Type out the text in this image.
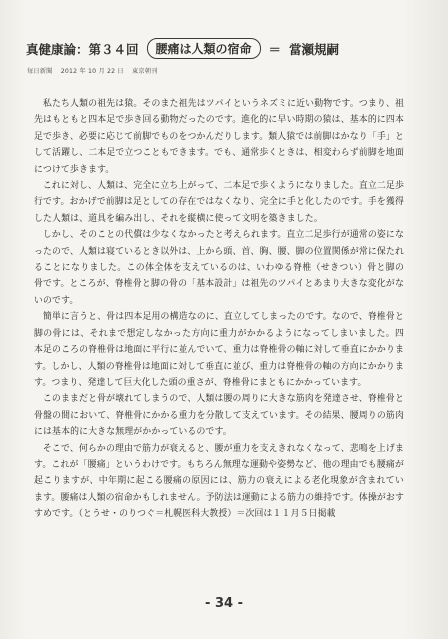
真健康論：第３４回	腰痛は人類の宿命	＝ 當瀬規嗣
毎日新聞 2012 年 10 月 22 日 東京朝刊

私たち人類の祖先は猿。そのまた祖先はツパイというネズミに近い動物です。つまり、祖先はもともと四本足で歩き回る動物だったのです。進化的に早い時期の猿は、基本的に四本足で歩き、必要に応じて前脚でものをつかんだりします。類人猿では前脚はかなり「手」として活躍し、二本足で立つこともできます。でも、通常歩くときは、相変わらず前脚を地面につけて歩きます。

これに対し、人類は、完全に立ち上がって、二本足で歩くようになりました。直立二足歩行です。おかげで前脚は足としての存在ではなくなり、完全に手と化したのです。手を獲得した人類は、道具を編み出し、それを縦横に使って文明を築きました。

しかし、そのことの代償は少なくなかったと考えられます。直立二足歩行が通常の姿になったので、人類は寝ているとき以外は、上から頭、首、胸、腰、脚の位置関係が常に保たれることになりました。この体全体を支えているのは、いわゆる脊椎（せきつい）骨と脚の骨です。ところが、脊椎骨と脚の骨の「基本設計」は祖先のツパイとあまり大きな変化がないのです。

簡単に言うと、骨は四本足用の構造なのに、直立してしまったのです。なので、脊椎骨と脚の骨には、それまで想定しなかった方向に重力がかかるようになってしまいました。四本足のころの脊椎骨は地面に平行に並んでいて、重力は脊椎骨の軸に対して垂直にかかります。しかし、人類の脊椎骨は地面に対して垂直に並び、重力は脊椎骨の軸の方向にかかります。つまり、発達して巨大化した頭の重さが、脊椎骨にまともにかかっています。

このままだと骨が壊れてしまうので、人類は腰の周りに大きな筋肉を発達させ、脊椎骨と骨盤の間において、脊椎骨にかかる重力を分散して支えています。その結果、腰周りの筋肉には基本的に大きな無理がかかっているのです。

そこで、何らかの理由で筋力が衰えると、腰が重力を支えきれなくなって、悲鳴を上げます。これが「腰痛」というわけです。もちろん無理な運動や姿勢など、他の理由でも腰痛が起こりますが、中年期に起こる腰痛の原因には、筋力の衰えによる老化現象が含まれています。腰痛は人類の宿命かもしれません。予防法は運動による筋力の維持です。体操がおすすめです。（とうせ・のりつぐ＝札幌医科大教授）＝次回は１１月５日掲載

- 34 -
